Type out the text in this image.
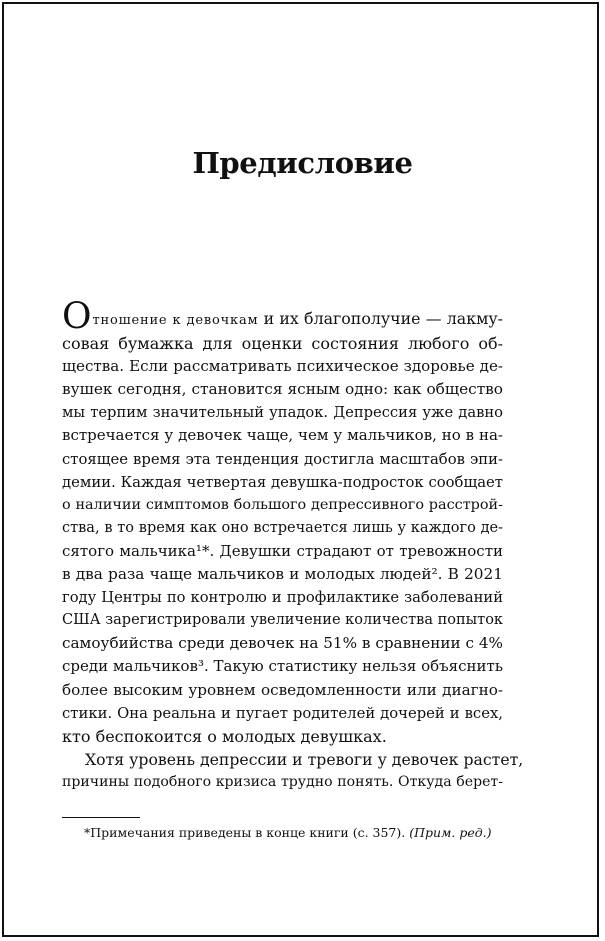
Предисловие
Отношение к девочкам и их благополучие — лакму-
совая бумажка для оценки состояния любого об-
щества. Если рассматривать психическое здоровье де-
вушек сегодня, становится ясным одно: как общество
мы терпим значительный упадок. Депрессия уже давно
встречается у девочек чаще, чем у мальчиков, но в на-
стоящее время эта тенденция достигла масштабов эпи-
демии. Каждая четвертая девушка-подросток сообщает
о наличии симптомов большого депрессивного расстрой-
ства, в то время как оно встречается лишь у каждого де-
сятого мальчика¹*. Девушки страдают от тревожности
в два раза чаще мальчиков и молодых людей². В 2021
году Центры по контролю и профилактике заболеваний
США зарегистрировали увеличение количества попыток
самоубийства среди девочек на 51% в сравнении с 4%
среди мальчиков³. Такую статистику нельзя объяснить
более высоким уровнем осведомленности или диагно-
стики. Она реальна и пугает родителей дочерей и всех,
кто беспокоится о молодых девушках.
Хотя уровень депрессии и тревоги у девочек растет,
причины подобного кризиса трудно понять. Откуда берет-
*Примечания приведены в конце книги (с. 357). (Прим. ред.)
